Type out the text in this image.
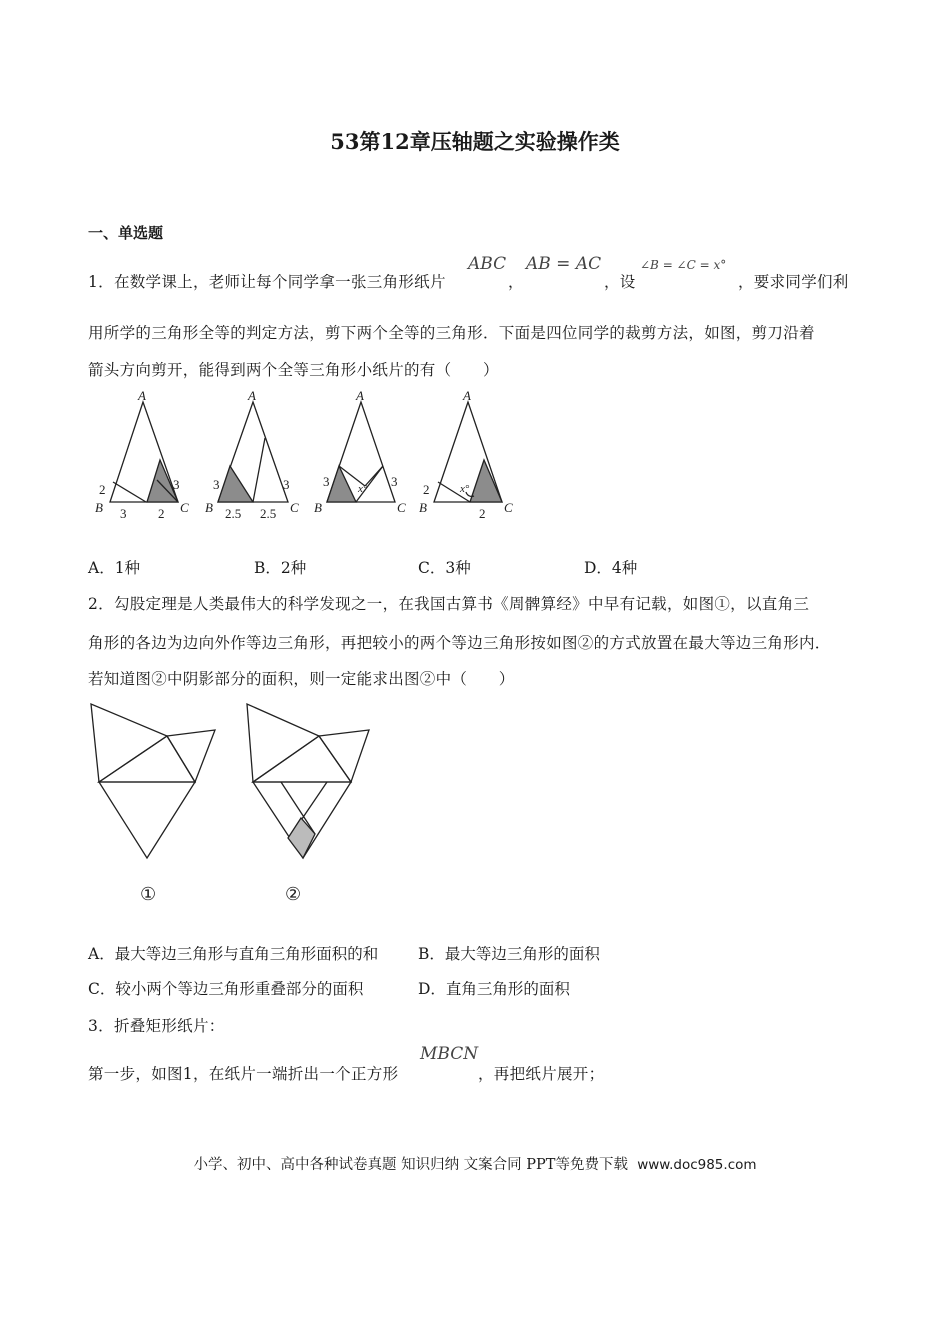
53第12章压轴题之实验操作类
一、单选题
1．在数学课上，老师让每个同学拿一张三角形纸片
ABC
，
AB = AC
，设
∠B = ∠C = x°
，要求同学们利
用所学的三角形全等的判定方法，剪下两个全等的三角形．下面是四位同学的裁剪方法，如图，剪刀沿着
箭头方向剪开，能得到两个全等三角形小纸片的有（　　）
A
B	C
A
B	C
A
B	C
A
B	C
2	3
3 2
3	3
2.5 2.5
3	3
2
2
x°	x°
A．1种	B．2种	C．3种	D．4种
2．勾股定理是人类最伟大的科学发现之一，在我国古算书《周髀算经》中早有记载，如图①，以直角三
角形的各边为边向外作等边三角形，再把较小的两个等边三角形按如图②的方式放置在最大等边三角形内．
若知道图②中阴影部分的面积，则一定能求出图②中（　　）
①	②
A．最大等边三角形与直角三角形面积的和	B．最大等边三角形的面积
C．较小两个等边三角形重叠部分的面积	D．直角三角形的面积
3．折叠矩形纸片：
第一步，如图1，在纸片一端折出一个正方形
MBCN
，再把纸片展开；
小学、初中、高中各种试卷真题 知识归纳 文案合同 PPT等免费下载 www.doc985.com
